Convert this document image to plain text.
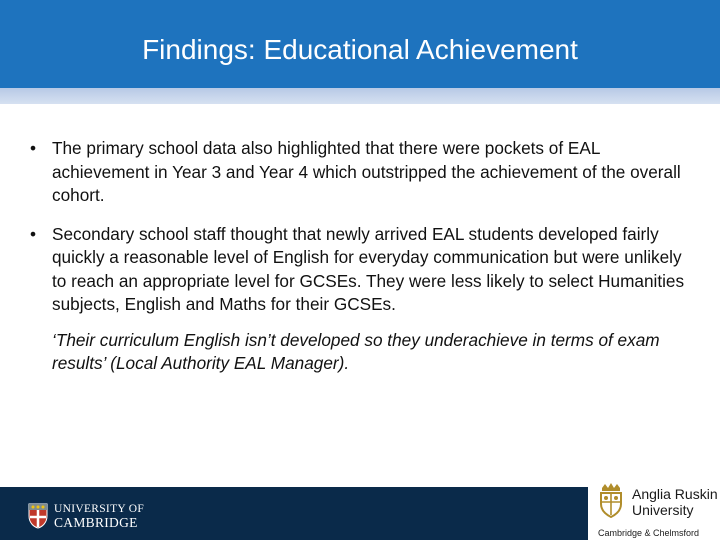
Findings: Educational Achievement
• The primary school data also highlighted that there were pockets of EAL achievement in Year 3 and Year 4 which outstripped the achievement of the overall cohort.
• Secondary school staff thought that newly arrived EAL students developed fairly quickly a reasonable level of English for everyday communication but were unlikely to reach an appropriate level for GCSEs. They were less likely to select Humanities subjects, English and Maths for their GCSEs.
‘Their curriculum English isn’t developed so they underachieve in terms of exam results’ (Local Authority EAL Manager).
UNIVERSITY OF
CAMBRIDGE
Anglia Ruskin
University
Cambridge & Chelmsford
